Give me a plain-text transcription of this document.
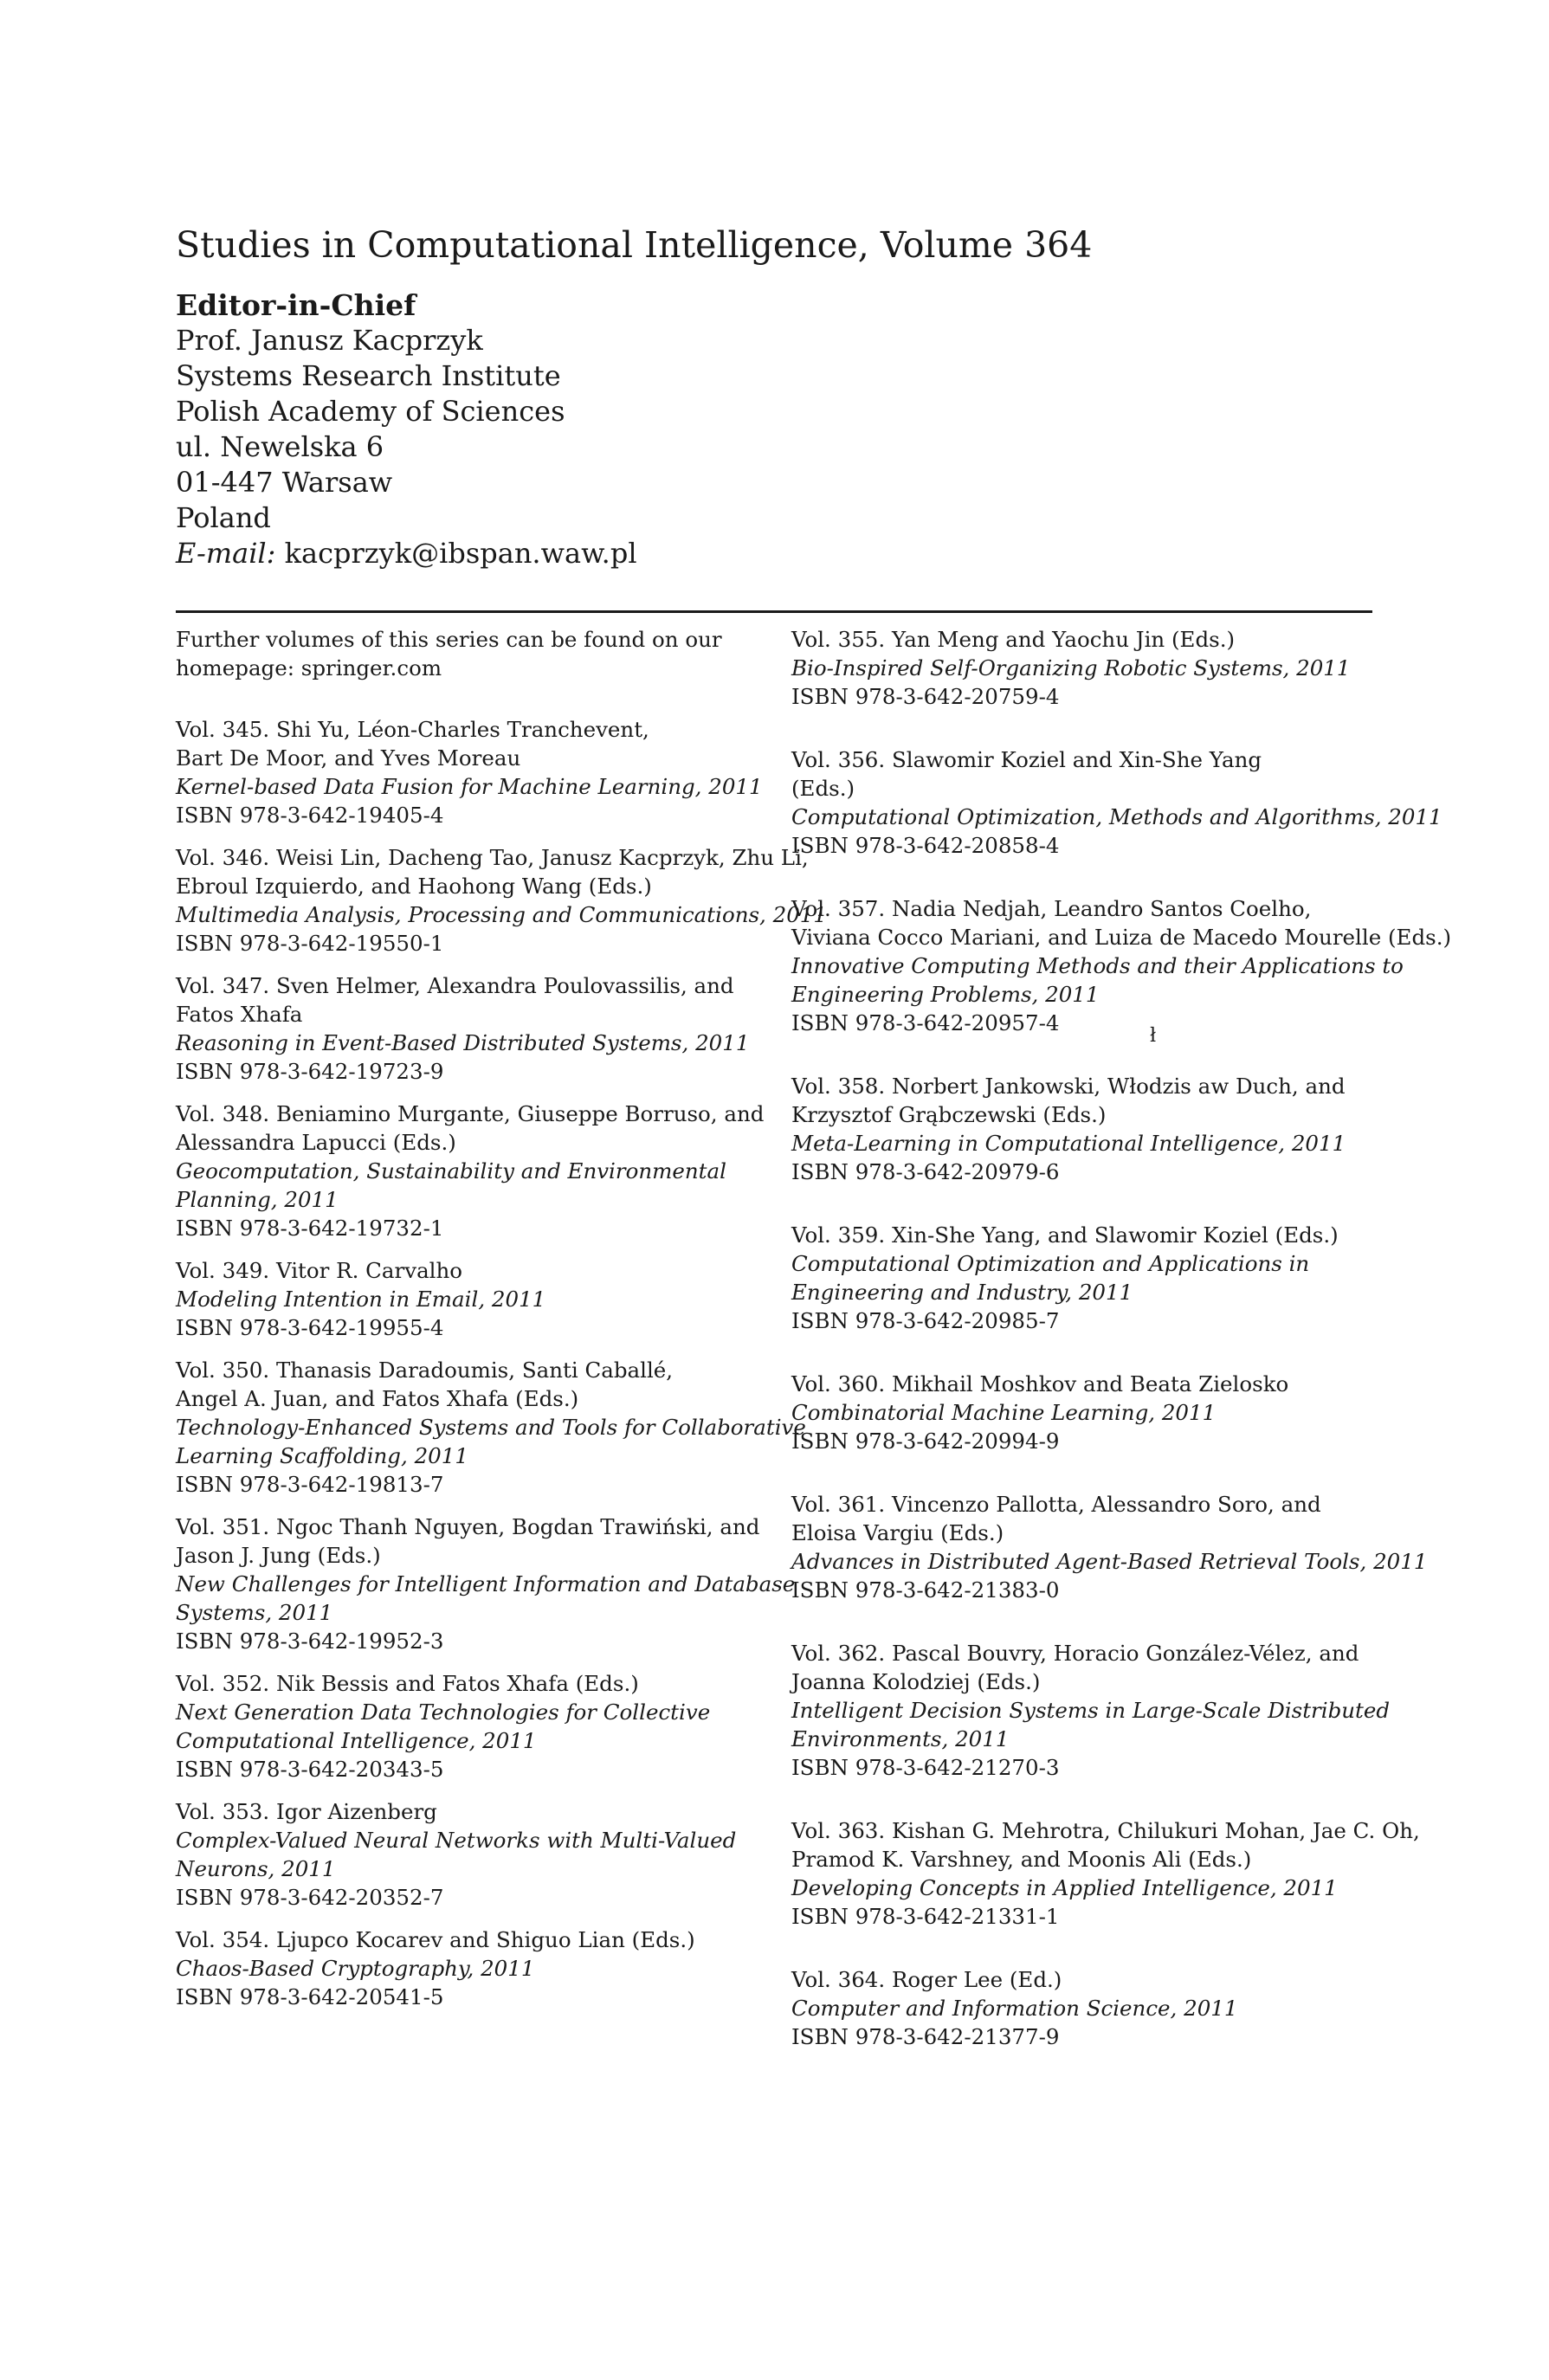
Studies in Computational Intelligence, Volume 364
Editor-in-Chief
Prof. Janusz Kacprzyk
Systems Research Institute
Polish Academy of Sciences
ul. Newelska 6
01-447 Warsaw
Poland
E-mail: kacprzyk@ibspan.waw.pl
Further volumes of this series can be found on our
homepage: springer.com
Vol. 345. Shi Yu, Léon-Charles Tranchevent,
Bart De Moor, and Yves Moreau
Kernel-based Data Fusion for Machine Learning, 2011
ISBN 978-3-642-19405-4
Vol. 346. Weisi Lin, Dacheng Tao, Janusz Kacprzyk, Zhu Li,
Ebroul Izquierdo, and Haohong Wang (Eds.)
Multimedia Analysis, Processing and Communications, 2011
ISBN 978-3-642-19550-1
Vol. 347. Sven Helmer, Alexandra Poulovassilis, and
Fatos Xhafa
Reasoning in Event-Based Distributed Systems, 2011
ISBN 978-3-642-19723-9
Vol. 348. Beniamino Murgante, Giuseppe Borruso, and
Alessandra Lapucci (Eds.)
Geocomputation, Sustainability and Environmental
Planning, 2011
ISBN 978-3-642-19732-1
Vol. 349. Vitor R. Carvalho
Modeling Intention in Email, 2011
ISBN 978-3-642-19955-4
Vol. 350. Thanasis Daradoumis, Santi Caballé,
Angel A. Juan, and Fatos Xhafa (Eds.)
Technology-Enhanced Systems and Tools for Collaborative
Learning Scaffolding, 2011
ISBN 978-3-642-19813-7
Vol. 351. Ngoc Thanh Nguyen, Bogdan Trawiński, and
Jason J. Jung (Eds.)
New Challenges for Intelligent Information and Database
Systems, 2011
ISBN 978-3-642-19952-3
Vol. 352. Nik Bessis and Fatos Xhafa (Eds.)
Next Generation Data Technologies for Collective
Computational Intelligence, 2011
ISBN 978-3-642-20343-5
Vol. 353. Igor Aizenberg
Complex-Valued Neural Networks with Multi-Valued
Neurons, 2011
ISBN 978-3-642-20352-7
Vol. 354. Ljupco Kocarev and Shiguo Lian (Eds.)
Chaos-Based Cryptography, 2011
ISBN 978-3-642-20541-5
Vol. 355. Yan Meng and Yaochu Jin (Eds.)
Bio-Inspired Self-Organizing Robotic Systems, 2011
ISBN 978-3-642-20759-4
Vol. 356. Slawomir Koziel and Xin-She Yang
(Eds.)
Computational Optimization, Methods and Algorithms, 2011
ISBN 978-3-642-20858-4
Vol. 357. Nadia Nedjah, Leandro Santos Coelho,
Viviana Cocco Mariani, and Luiza de Macedo Mourelle (Eds.)
Innovative Computing Methods and their Applications to
Engineering Problems, 2011
ISBN 978-3-642-20957-4
Vol. 358. Norbert Jankowski, Włodzis aw Duch, and
Krzysztof Grąbczewski (Eds.)
Meta-Learning in Computational Intelligence, 2011
ISBN 978-3-642-20979-6
Vol. 359. Xin-She Yang, and Slawomir Koziel (Eds.)
Computational Optimization and Applications in
Engineering and Industry, 2011
ISBN 978-3-642-20985-7
Vol. 360. Mikhail Moshkov and Beata Zielosko
Combinatorial Machine Learning, 2011
ISBN 978-3-642-20994-9
Vol. 361. Vincenzo Pallotta, Alessandro Soro, and
Eloisa Vargiu (Eds.)
Advances in Distributed Agent-Based Retrieval Tools, 2011
ISBN 978-3-642-21383-0
Vol. 362. Pascal Bouvry, Horacio González-Vélez, and
Joanna Kolodziej (Eds.)
Intelligent Decision Systems in Large-Scale Distributed
Environments, 2011
ISBN 978-3-642-21270-3
Vol. 363. Kishan G. Mehrotra, Chilukuri Mohan, Jae C. Oh,
Pramod K. Varshney, and Moonis Ali (Eds.)
Developing Concepts in Applied Intelligence, 2011
ISBN 978-3-642-21331-1
Vol. 364. Roger Lee (Ed.)
Computer and Information Science, 2011
ISBN 978-3-642-21377-9
ł
